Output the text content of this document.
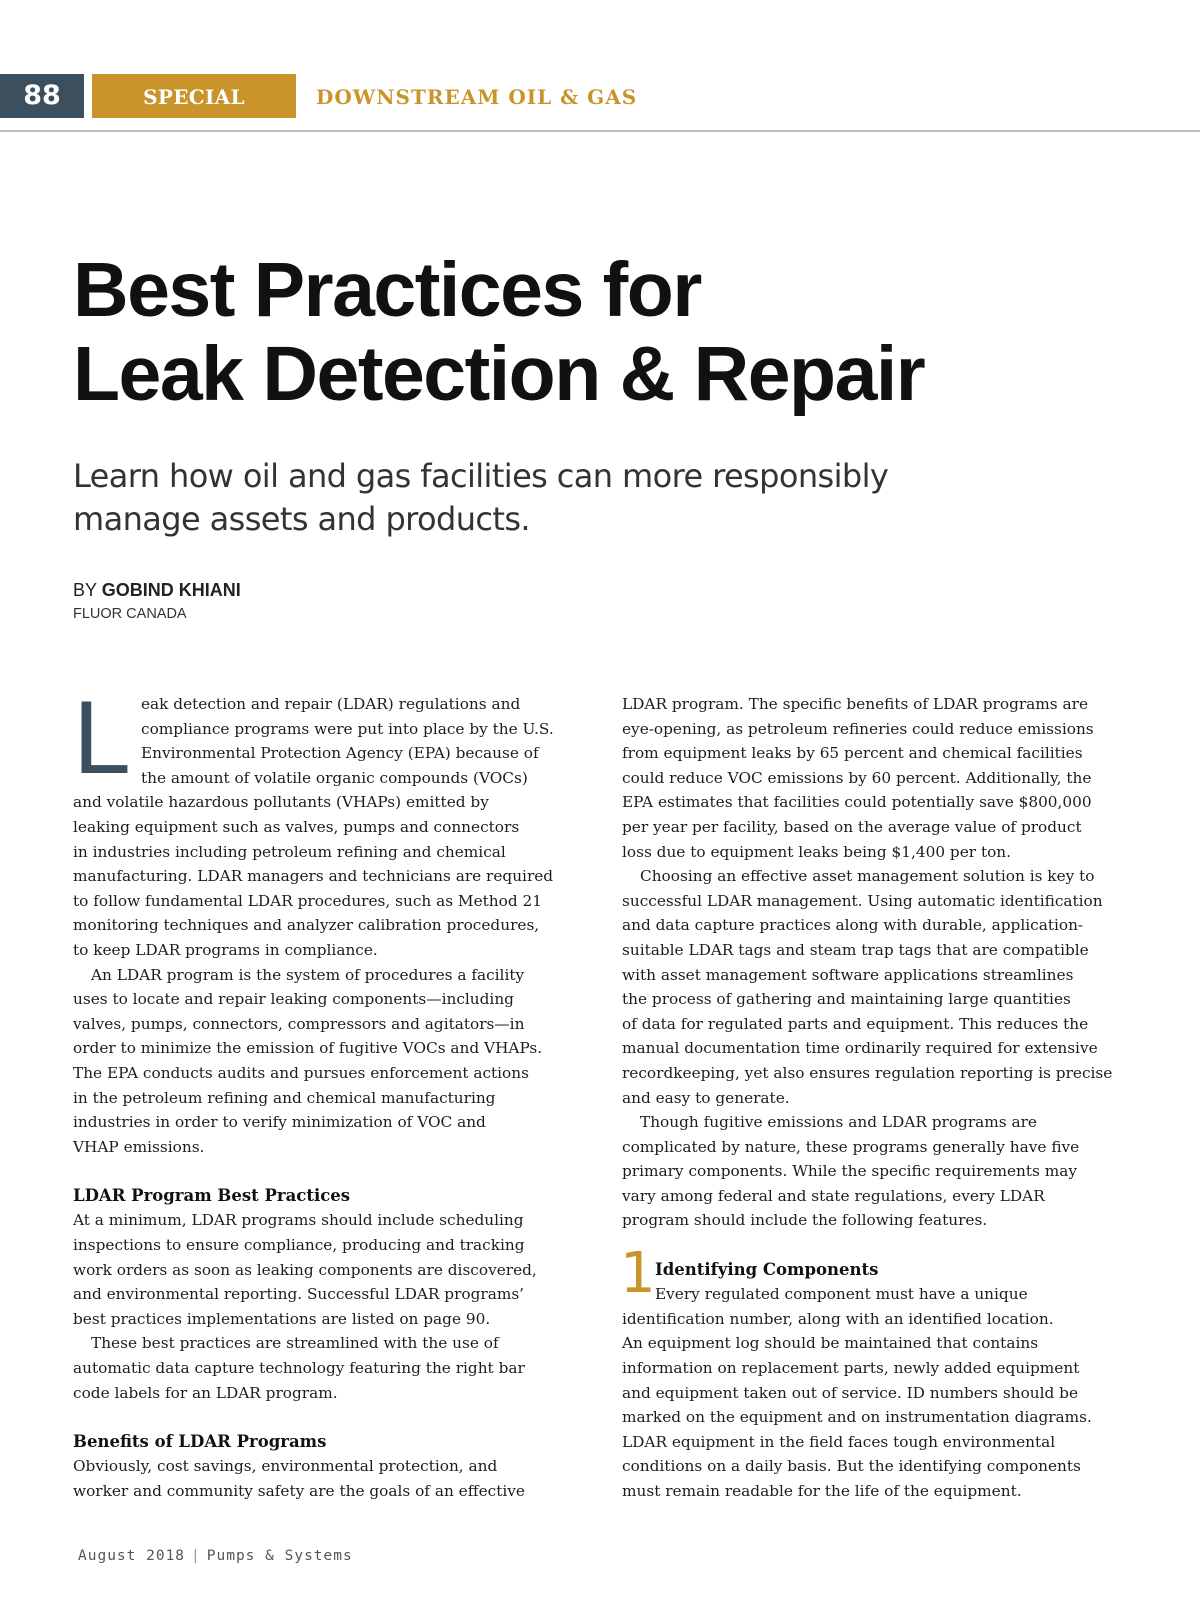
88	SPECIAL REPORT
DOWNSTREAM OIL & GAS
Best Practices for
Leak Detection & Repair
Learn how oil and gas facilities can more responsibly
manage assets and products.
BY GOBIND KHIANI
FLUOR CANADA
L eak detection and repair (LDAR) regulations and
compliance programs were put into place by the U.S.
Environmental Protection Agency (EPA) because of
the amount of volatile organic compounds (VOCs)
and volatile hazardous pollutants (VHAPs) emitted by
leaking equipment such as valves, pumps and connectors
in industries including petroleum refining and chemical
manufacturing. LDAR managers and technicians are required
to follow fundamental LDAR procedures, such as Method 21
monitoring techniques and analyzer calibration procedures,
to keep LDAR programs in compliance.
An LDAR program is the system of procedures a facility
uses to locate and repair leaking components—including
valves, pumps, connectors, compressors and agitators—in
order to minimize the emission of fugitive VOCs and VHAPs.
The EPA conducts audits and pursues enforcement actions
in the petroleum refining and chemical manufacturing
industries in order to verify minimization of VOC and
VHAP emissions.
LDAR Program Best Practices
At a minimum, LDAR programs should include scheduling
inspections to ensure compliance, producing and tracking
work orders as soon as leaking components are discovered,
and environmental reporting. Successful LDAR programs’
best practices implementations are listed on page 90.
These best practices are streamlined with the use of
automatic data capture technology featuring the right bar
code labels for an LDAR program.
Benefits of LDAR Programs
Obviously, cost savings, environmental protection, and
worker and community safety are the goals of an effective
LDAR program. The specific benefits of LDAR programs are
eye-opening, as petroleum refineries could reduce emissions
from equipment leaks by 65 percent and chemical facilities
could reduce VOC emissions by 60 percent. Additionally, the
EPA estimates that facilities could potentially save $800,000
per year per facility, based on the average value of product
loss due to equipment leaks being $1,400 per ton.
Choosing an effective asset management solution is key to
successful LDAR management. Using automatic identification
and data capture practices along with durable, application-
suitable LDAR tags and steam trap tags that are compatible
with asset management software applications streamlines
the process of gathering and maintaining large quantities
of data for regulated parts and equipment. This reduces the
manual documentation time ordinarily required for extensive
recordkeeping, yet also ensures regulation reporting is precise
and easy to generate.
Though fugitive emissions and LDAR programs are
complicated by nature, these programs generally have five
primary components. While the specific requirements may
vary among federal and state regulations, every LDAR
program should include the following features.
1 Identifying Components
Every regulated component must have a unique
identification number, along with an identified location.
An equipment log should be maintained that contains
information on replacement parts, newly added equipment
and equipment taken out of service. ID numbers should be
marked on the equipment and on instrumentation diagrams.
LDAR equipment in the field faces tough environmental
conditions on a daily basis. But the identifying components
must remain readable for the life of the equipment.
August 2018 | Pumps & Systems
